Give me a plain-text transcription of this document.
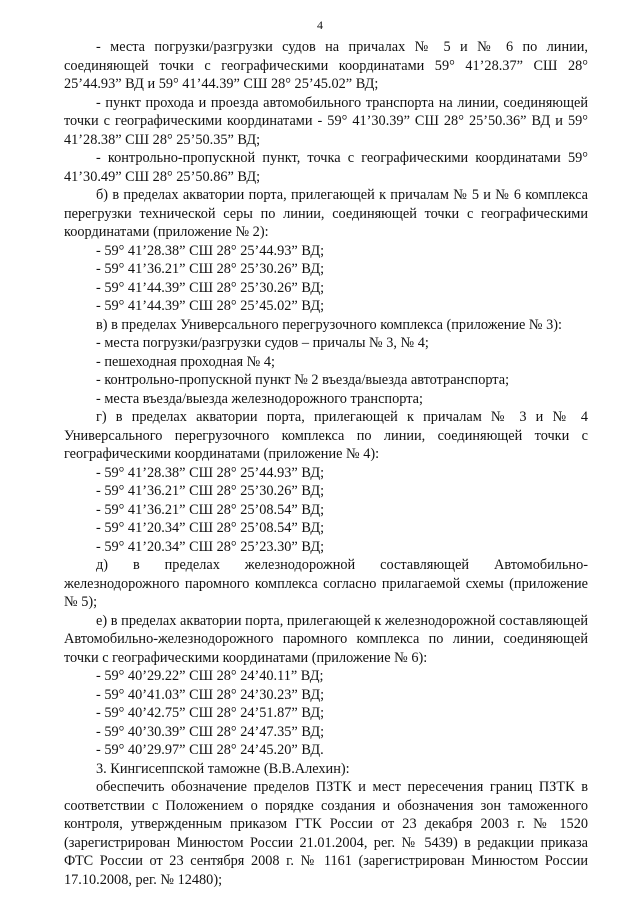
4
- места погрузки/разгрузки судов на причалах № 5 и № 6 по линии, соединяющей точки с географическими координатами 59° 41’28.37” СШ 28° 25’44.93” ВД и 59° 41’44.39” СШ 28° 25’45.02” ВД;
- пункт прохода и проезда автомобильного транспорта на линии, соединяющей точки с географическими координатами - 59° 41’30.39” СШ 28° 25’50.36” ВД и 59° 41’28.38” СШ 28° 25’50.35” ВД;
- контрольно-пропускной пункт, точка с географическими координатами 59° 41’30.49” СШ 28° 25’50.86” ВД;
б) в пределах акватории порта, прилегающей к причалам № 5 и № 6 комплекса перегрузки технической серы по линии, соединяющей точки с географическими координатами (приложение № 2):
- 59° 41’28.38” СШ 28° 25’44.93” ВД;
- 59° 41’36.21” СШ 28° 25’30.26” ВД;
- 59° 41’44.39” СШ 28° 25’30.26” ВД;
- 59° 41’44.39” СШ 28° 25’45.02” ВД;
в) в пределах Универсального перегрузочного комплекса (приложение № 3):
- места погрузки/разгрузки судов – причалы № 3, № 4;
- пешеходная проходная № 4;
- контрольно-пропускной пункт № 2 въезда/выезда автотранспорта;
- места въезда/выезда железнодорожного транспорта;
г) в пределах акватории порта, прилегающей к причалам № 3 и № 4 Универсального перегрузочного комплекса по линии, соединяющей точки с географическими координатами (приложение № 4):
- 59° 41’28.38” СШ 28° 25’44.93” ВД;
- 59° 41’36.21” СШ 28° 25’30.26” ВД;
- 59° 41’36.21” СШ 28° 25’08.54” ВД;
- 59° 41’20.34” СШ 28° 25’08.54” ВД;
- 59° 41’20.34” СШ 28° 25’23.30” ВД;
д) в пределах железнодорожной составляющей Автомобильно-железнодорожного паромного комплекса согласно прилагаемой схемы (приложение № 5);
е) в пределах акватории порта, прилегающей к железнодорожной составляющей Автомобильно-железнодорожного паромного комплекса по линии, соединяющей точки с географическими координатами (приложение № 6):
- 59° 40’29.22” СШ 28° 24’40.11” ВД;
- 59° 40’41.03” СШ 28° 24’30.23” ВД;
- 59° 40’42.75” СШ 28° 24’51.87” ВД;
- 59° 40’30.39” СШ 28° 24’47.35” ВД;
- 59° 40’29.97” СШ 28° 24’45.20” ВД.
3. Кингисеппской таможне (В.В.Алехин):
обеспечить обозначение пределов ПЗТК и мест пересечения границ ПЗТК в соответствии с Положением о порядке создания и обозначения зон таможенного контроля, утвержденным приказом ГТК России от 23 декабря 2003 г. № 1520 (зарегистрирован Минюстом России 21.01.2004, рег. № 5439) в редакции приказа ФТС России от 23 сентября 2008 г. № 1161 (зарегистрирован Минюстом России 17.10.2008, рег. № 12480);
